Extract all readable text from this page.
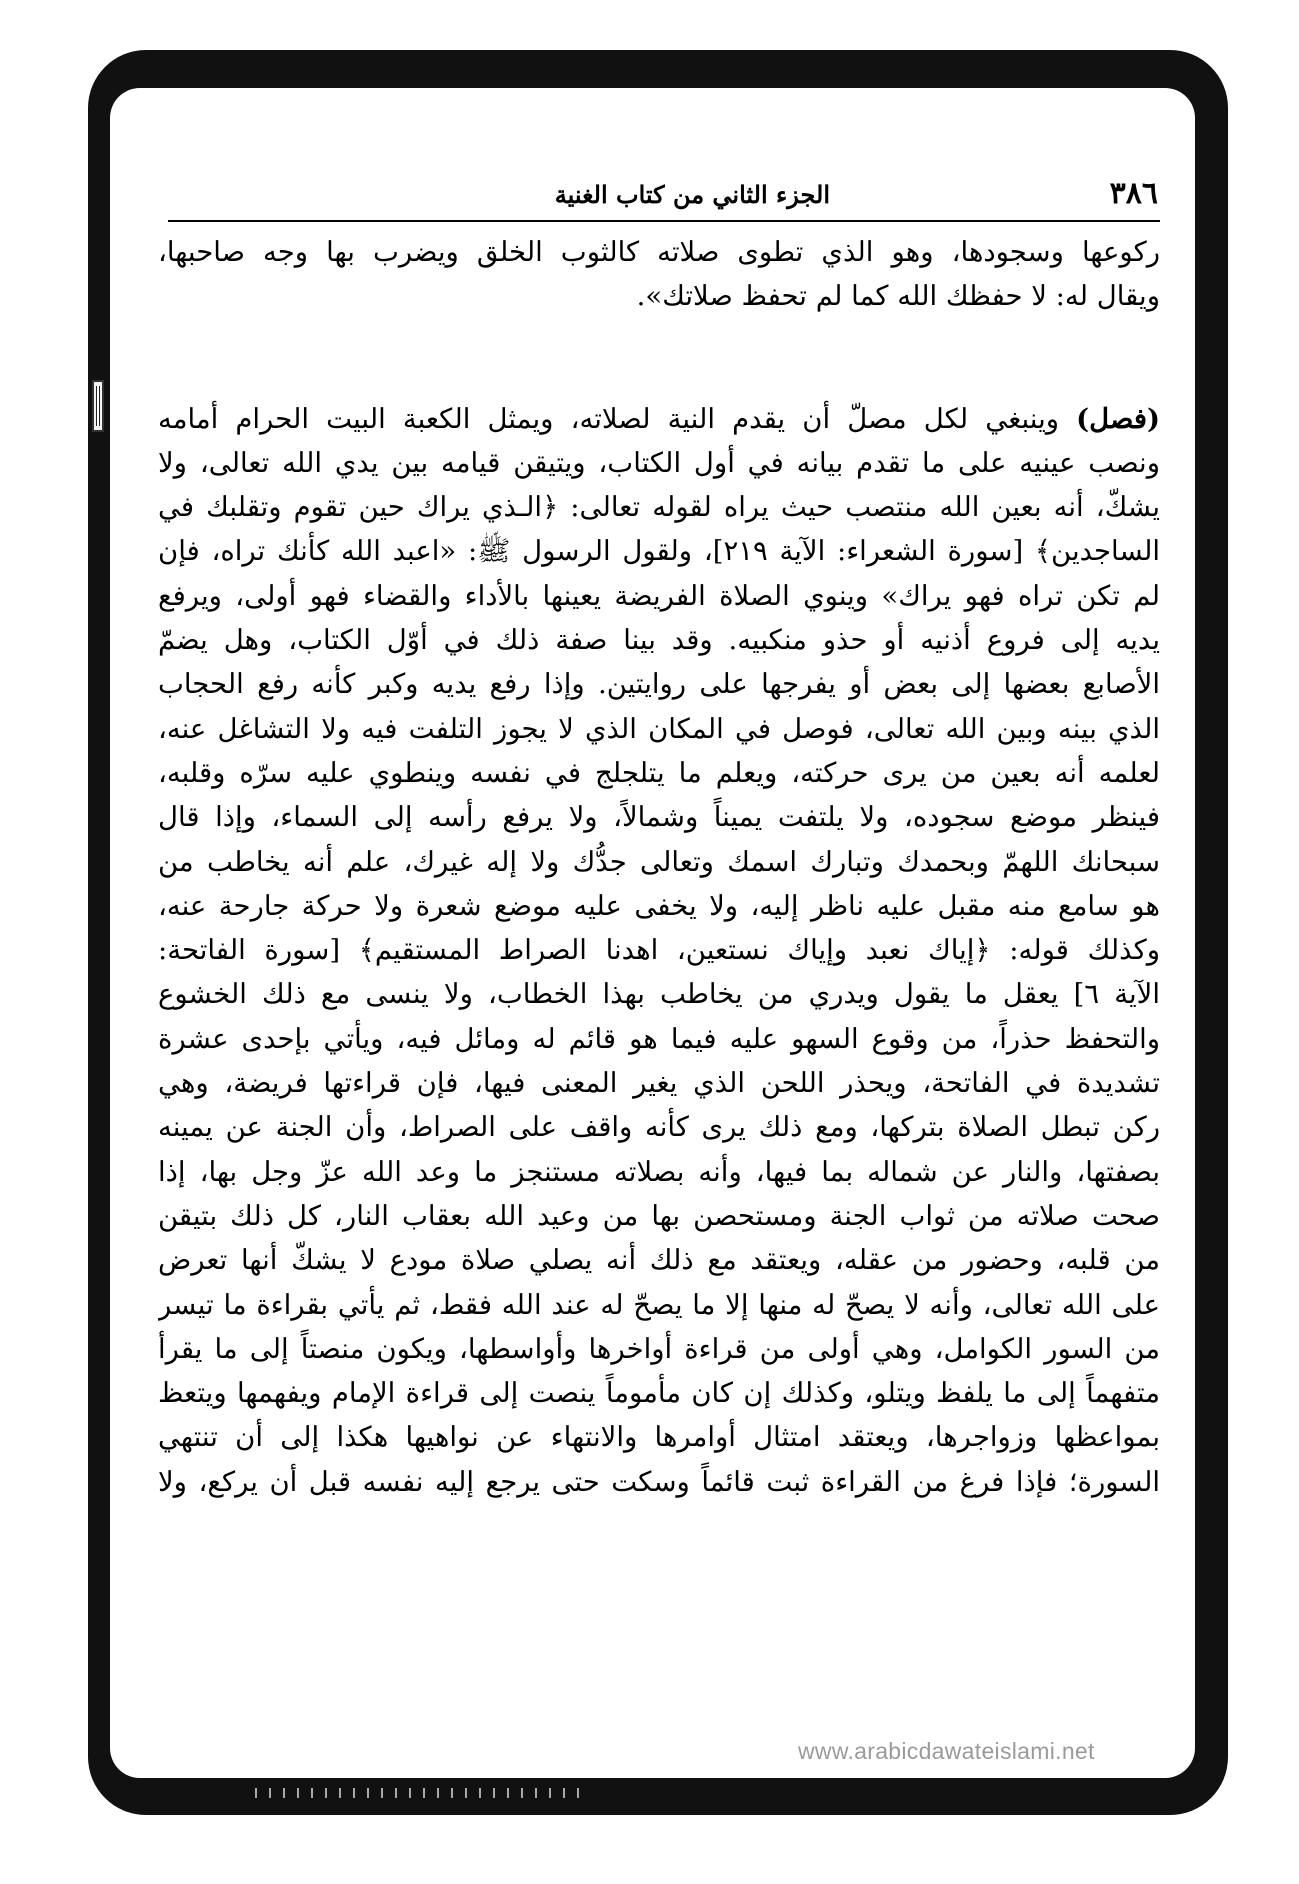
٣٨٦
الجزء الثاني من كتاب الغنية
ركوعها وسجودها، وهو الذي تطوى صلاته كالثوب الخلق ويضرب بها وجه صاحبها،
ويقال له: لا حفظك الله كما لم تحفظ صلاتك».
(فصل) وينبغي لكل مصلّ أن يقدم النية لصلاته، ويمثل الكعبة البيت الحرام أمامه
ونصب عينيه على ما تقدم بيانه في أول الكتاب، ويتيقن قيامه بين يدي الله تعالى، ولا
يشكّ، أنه بعين الله منتصب حيث يراه لقوله تعالى: ﴿الـذي يراك حين تقوم وتقلبك في
الساجدين﴾ [سورة الشعراء: الآية ٢١٩]، ولقول الرسول ﷺ: «اعبد الله كأنك تراه، فإن
لم تكن تراه فهو يراك» وينوي الصلاة الفريضة يعينها بالأداء والقضاء فهو أولى، ويرفع
يديه إلى فروع أذنيه أو حذو منكبيه. وقد بينا صفة ذلك في أوّل الكتاب، وهل يضمّ
الأصابع بعضها إلى بعض أو يفرجها على روايتين. وإذا رفع يديه وكبر كأنه رفع الحجاب
الذي بينه وبين الله تعالى، فوصل في المكان الذي لا يجوز التلفت فيه ولا التشاغل عنه،
لعلمه أنه بعين من يرى حركته، ويعلم ما يتلجلج في نفسه وينطوي عليه سرّه وقلبه،
فينظر موضع سجوده، ولا يلتفت يميناً وشمالاً، ولا يرفع رأسه إلى السماء، وإذا قال
سبحانك اللهمّ وبحمدك وتبارك اسمك وتعالى جدُّك ولا إله غيرك، علم أنه يخاطب من
هو سامع منه مقبل عليه ناظر إليه، ولا يخفى عليه موضع شعرة ولا حركة جارحة عنه،
وكذلك قوله: ﴿إياك نعبد وإياك نستعين، اهدنا الصراط المستقيم﴾ [سورة الفاتحة:
الآية ٦] يعقل ما يقول ويدري من يخاطب بهذا الخطاب، ولا ينسى مع ذلك الخشوع
والتحفظ حذراً، من وقوع السهو عليه فيما هو قائم له ومائل فيه، ويأتي بإحدى عشرة
تشديدة في الفاتحة، ويحذر اللحن الذي يغير المعنى فيها، فإن قراءتها فريضة، وهي
ركن تبطل الصلاة بتركها، ومع ذلك يرى كأنه واقف على الصراط، وأن الجنة عن يمينه
بصفتها، والنار عن شماله بما فيها، وأنه بصلاته مستنجز ما وعد الله عزّ وجل بها، إذا
صحت صلاته من ثواب الجنة ومستحصن بها من وعيد الله بعقاب النار، كل ذلك بتيقن
من قلبه، وحضور من عقله، ويعتقد مع ذلك أنه يصلي صلاة مودع لا يشكّ أنها تعرض
على الله تعالى، وأنه لا يصحّ له منها إلا ما يصحّ له عند الله فقط، ثم يأتي بقراءة ما تيسر
من السور الكوامل، وهي أولى من قراءة أواخرها وأواسطها، ويكون منصتاً إلى ما يقرأ
متفهماً إلى ما يلفظ ويتلو، وكذلك إن كان مأموماً ينصت إلى قراءة الإمام ويفهمها ويتعظ
بمواعظها وزواجرها، ويعتقد امتثال أوامرها والانتهاء عن نواهيها هكذا إلى أن تنتهي
السورة؛ فإذا فرغ من القراءة ثبت قائماً وسكت حتى يرجع إليه نفسه قبل أن يركع، ولا
www.arabicdawateislami.net
